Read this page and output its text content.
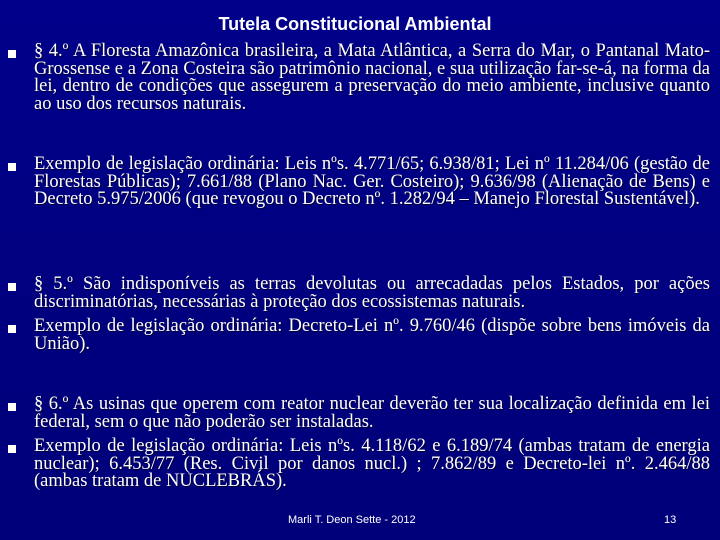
Tutela Constitucional Ambiental
§ 4.º A Floresta Amazônica brasileira, a Mata Atlântica, a Serra do Mar, o Pantanal Mato-Grossense e a Zona Costeira são patrimônio nacional, e sua utilização far-se-á, na forma da lei, dentro de condições que assegurem a preservação do meio ambiente, inclusive quanto ao uso dos recursos naturais.
Exemplo de legislação ordinária: Leis nºs. 4.771/65; 6.938/81; Lei nº 11.284/06 (gestão de Florestas Públicas); 7.661/88 (Plano Nac. Ger. Costeiro); 9.636/98 (Alienação de Bens) e Decreto 5.975/2006 (que revogou o Decreto nº. 1.282/94 – Manejo Florestal Sustentável).
§ 5.º São indisponíveis as terras devolutas ou arrecadadas pelos Estados, por ações discriminatórias, necessárias à proteção dos ecossistemas naturais.
Exemplo de legislação ordinária: Decreto-Lei nº. 9.760/46 (dispõe sobre bens imóveis da União).
§ 6.º As usinas que operem com reator nuclear deverão ter sua localização definida em lei federal, sem o que não poderão ser instaladas.
Exemplo de legislação ordinária: Leis nºs. 4.118/62 e 6.189/74 (ambas tratam de energia nuclear); 6.453/77 (Res. Civil por danos nucl.) ; 7.862/89 e Decreto-lei nº. 2.464/88 (ambas tratam de NUCLEBRÁS).
Marli T. Deon Sette - 2012	13
